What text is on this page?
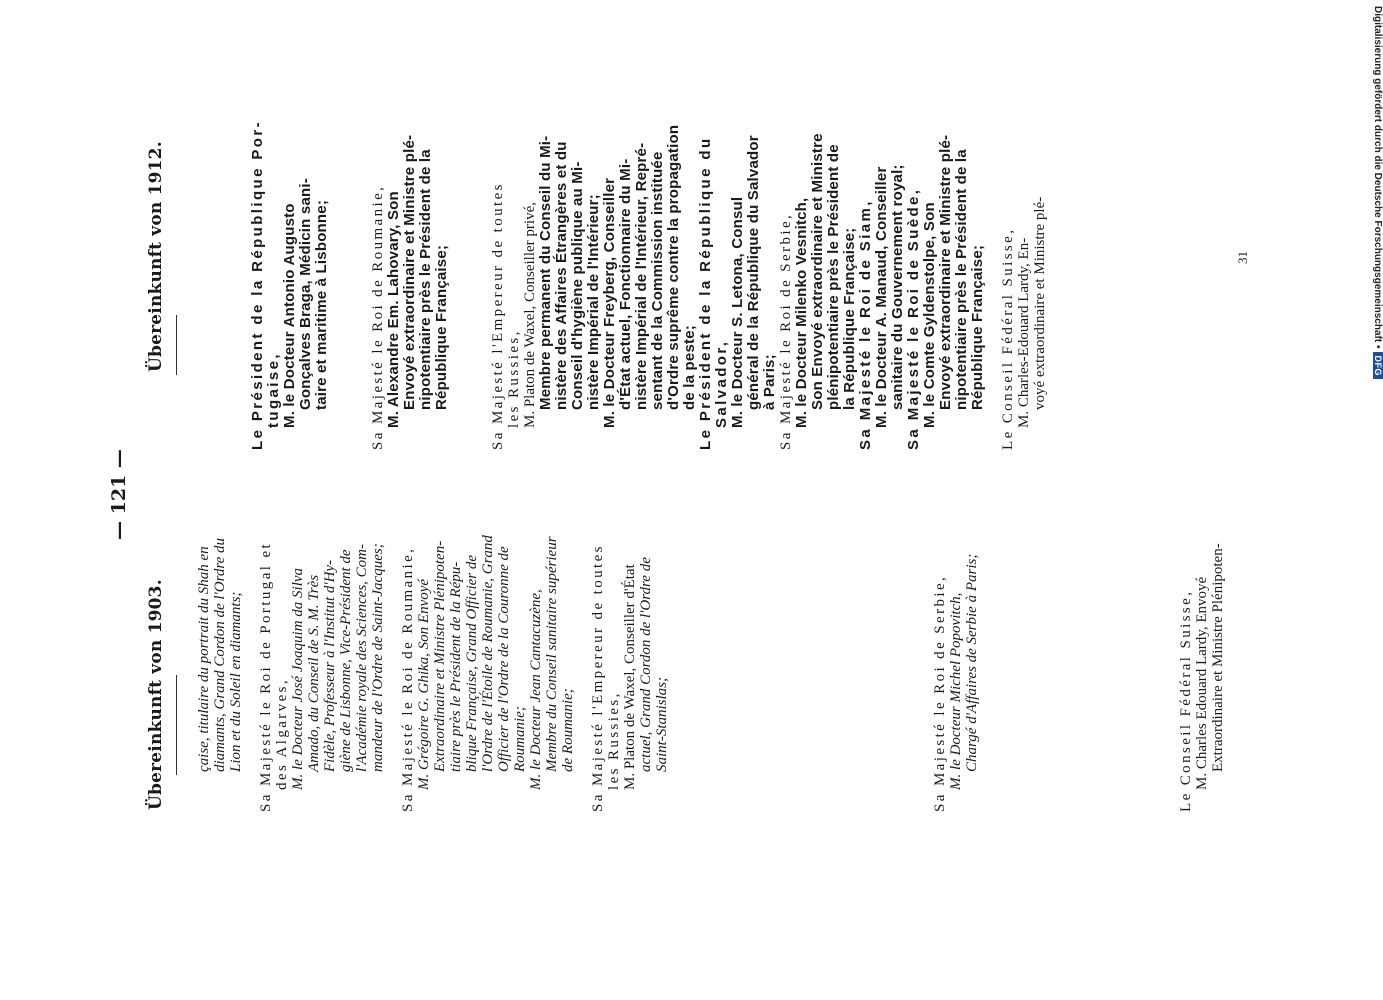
— 121 —
Übereinkunft von 1903.
Übereinkunft von 1912.
çaise, titulaire du portrait du Shah en diamants, Grand Cordon de l'Ordre du Lion et du Soleil en diamants; Sa Majesté le Roi de Portugal et des Algarves, M. le Docteur José Joaquim da Silva Amado, du Conseil de S. M. Très Fidèle, Professeur à l'Institut d'Hy- giène de Lisbonne, Vice-Président de l'Académie royale des Sciences, Com- mandeur de l'Ordre de Saint-Jacques; Sa Majesté le Roi de Roumanie, M. Grégoire G. Ghika, Son Envoyé Extraordinaire et Ministre Plénipoten- tiaire près le Président de la Répu- blique Française, Grand Officier de l'Ordre de l'Étoile de Roumanie, Grand Officier de l'Ordre de la Couronne de Roumanie; M. le Docteur Jean Cantacuzène, Membre du Conseil sanitaire supérieur de Roumanie; Sa Majesté l'Empereur de toutes les Russies, M. Platon de Waxel, Conseiller d'État actuel, Grand Cordon de l'Ordre de Saint-Stanislas;	Sa Majesté le Roi de Serbie, M. le Docteur Michel Popovitch, Chargé d'Affaires de Serbie à Paris;	Le Conseil Fédéral Suisse, M. Charles Edouard Lardy, Envoyé Extraordinaire et Ministre Plénipoten-
Le Président de la République Por- tugaise, M. le Docteur Antonio Augusto Gonçalves Braga, Médicin sani- taire et maritime à Lisbonne;	Sa Majesté le Roi de Roumanie, M. Alexandre Em. Lahovary, Son Envoyé extraordinaire et Ministre plé- nipotentiaire près le Président de la République Française;	Sa Majesté l'Empereur de toutes les Russies, M. Platon de Waxel, Conseiller privé, Membre permanent du Conseil du Mi- nistère des Affaires Étrangères et du Conseil d'hygiène publique au Mi- nistère Impérial de l'Intérieur; M. le Docteur Freyberg, Conseiller d'État actuel, Fonctionnaire du Mi- nistère Impérial de l'Intérieur, Repré- sentant de la Commission instituée d'Ordre suprême contre la propagation de la peste; Le Président de la République du Salvador, M. le Docteur S. Letona, Consul général de la République du Salvador à Paris; Sa Majesté le Roi de Serbie, M. le Docteur Milenko Vesnitch, Son Envoyé extraordinaire et Ministre plénipotentiaire près le Président de la République Française; Sa Majesté le Roi de Siam, M. le Docteur A. Manaud, Conseiller sanitaire du Gouvernement royal; Sa Majesté le Roi de Suède, M. le Comte Gyldenstolpe, Son Envoyé extraordinaire et Ministre plé- nipotentiaire près le Président de la République Française; Le Conseil Fédéral Suisse, M. Charles-Edouard Lardy, En- voyé extraordinaire et Ministre plé-	31	Digitalisierung gefördert durch die Deutsche Forschungsgemeinschaft •DFG
